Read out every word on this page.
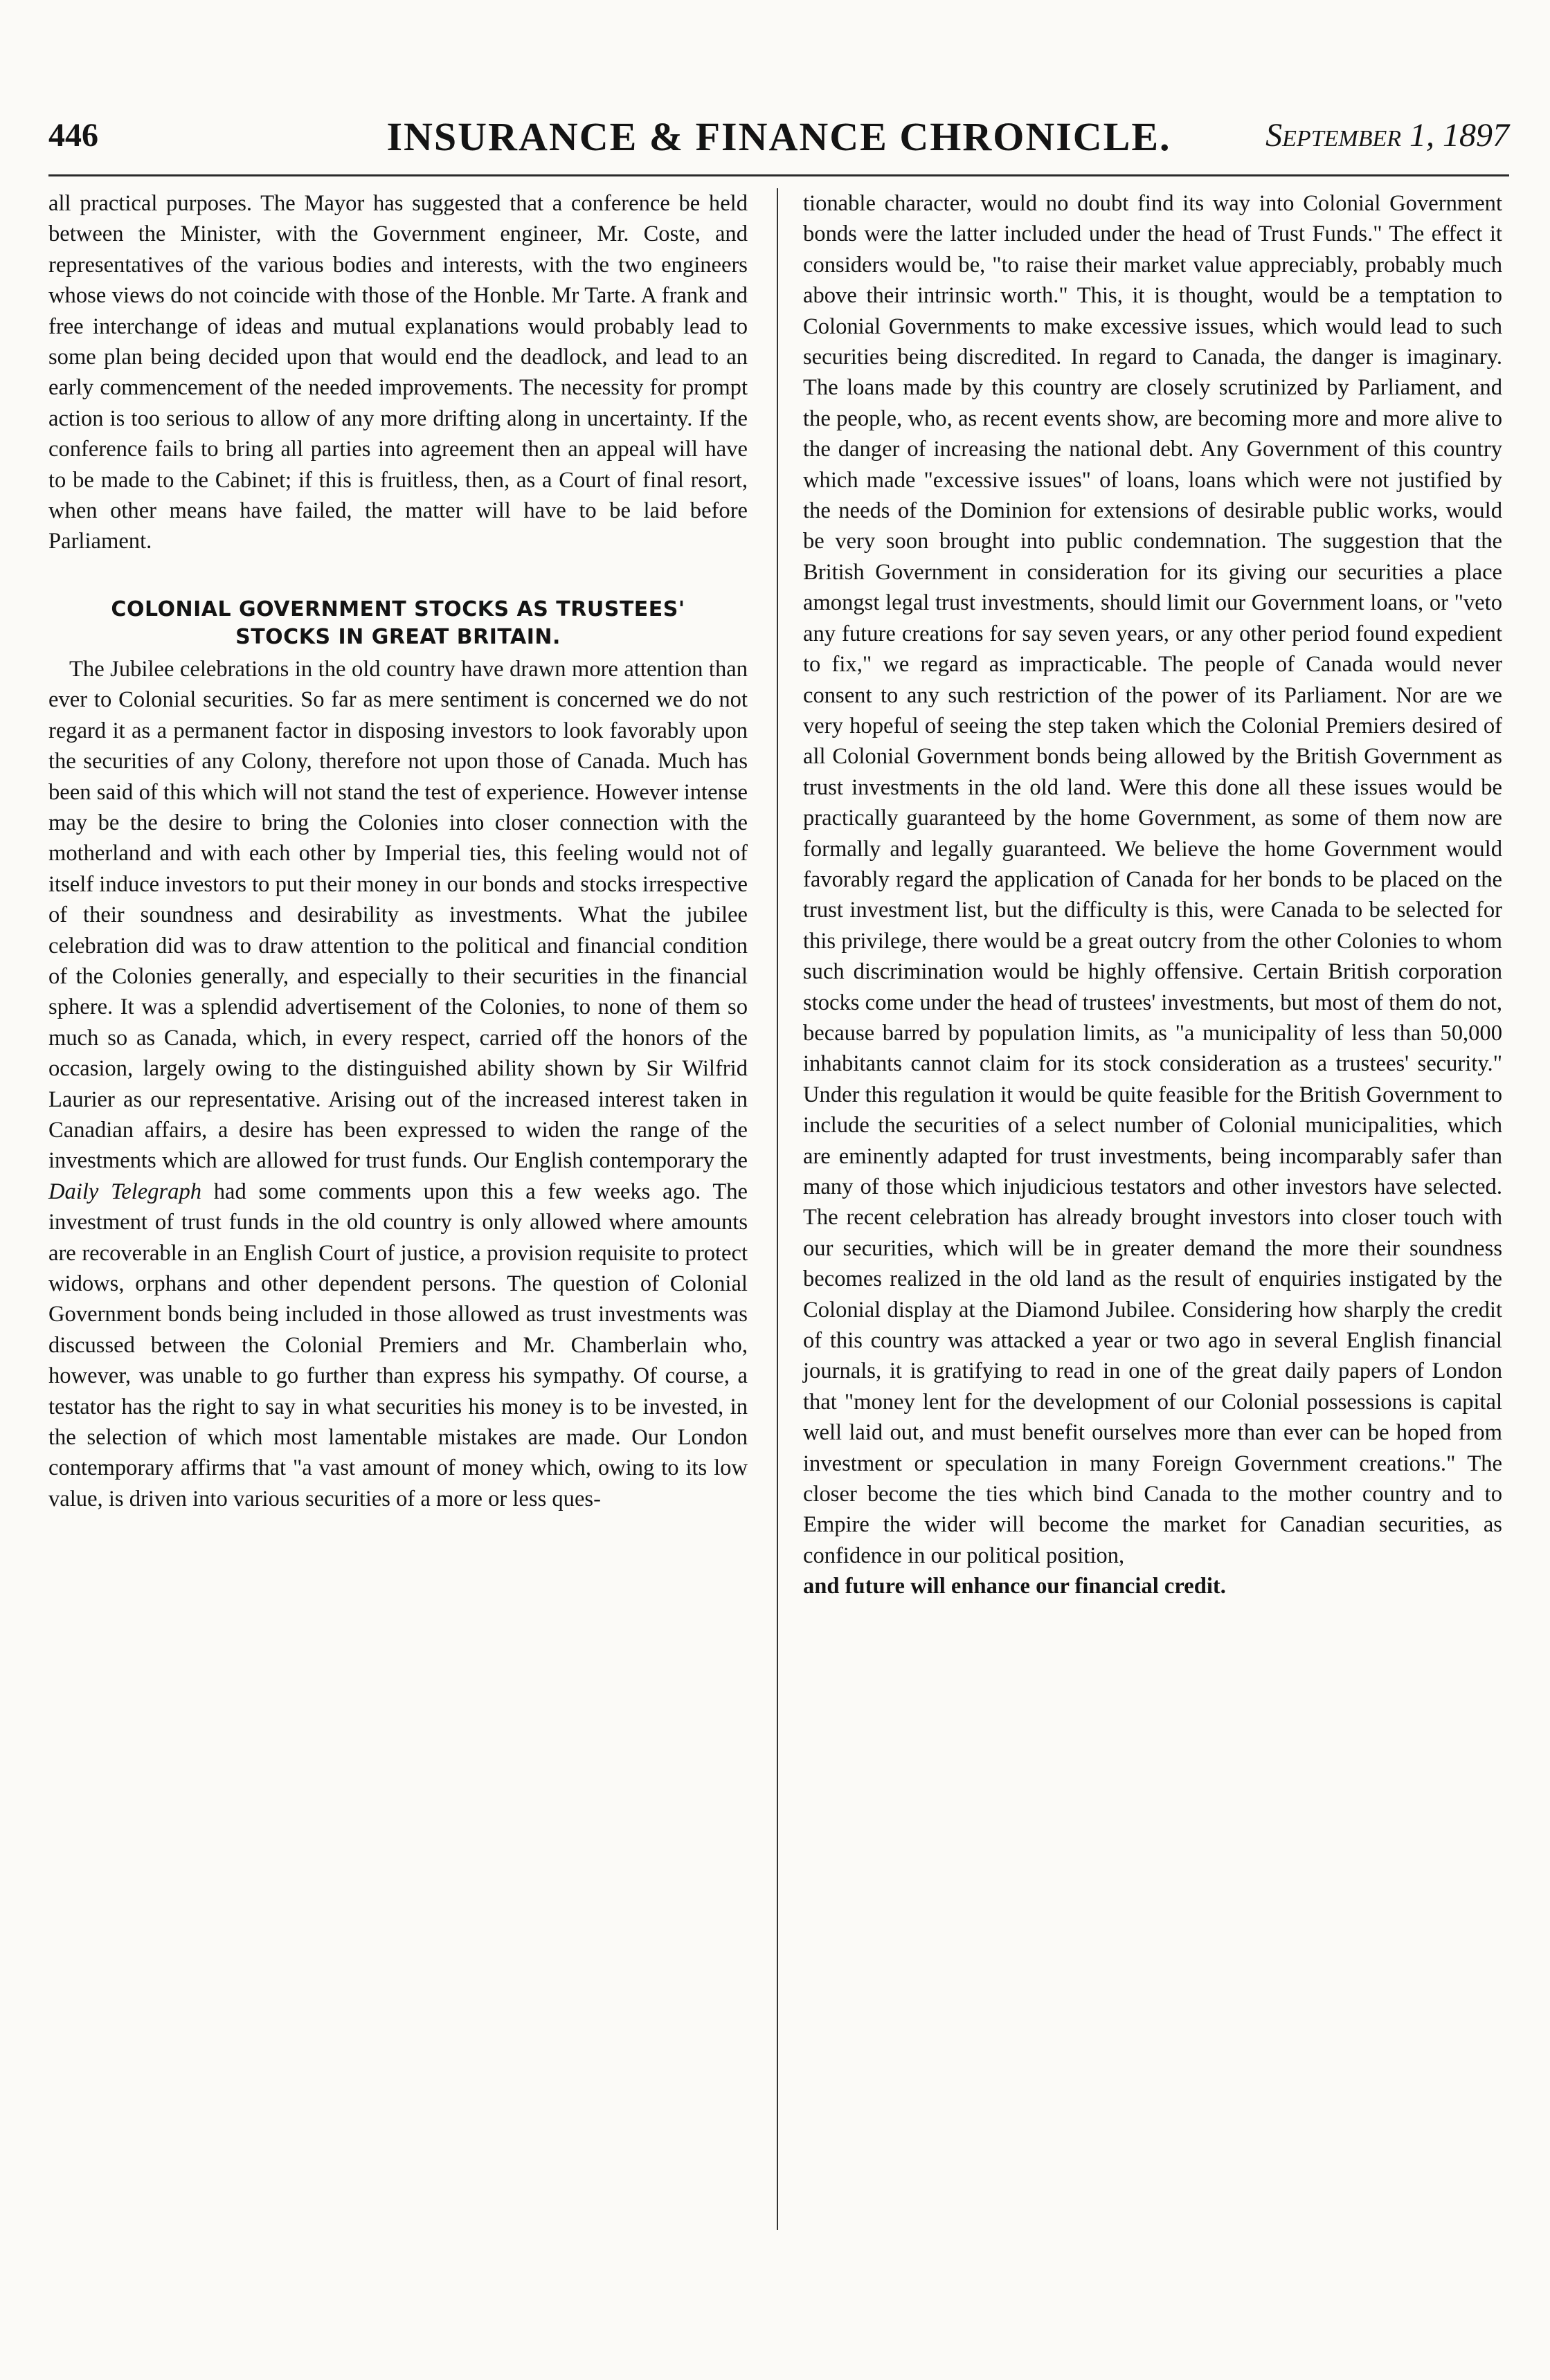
446	INSURANCE & FINANCE CHRONICLE.	September 1, 1897

all practical purposes. The Mayor has suggested that a conference be held between the Minister, with the Government engineer, Mr. Coste, and representatives of the various bodies and interests, with the two engineers whose views do not coincide with those of the Honble. Mr Tarte. A frank and free interchange of ideas and mutual explanations would probably lead to some plan being decided upon that would end the deadlock, and lead to an early commencement of the needed improvements. The necessity for prompt action is too serious to allow of any more drifting along in uncertainty. If the conference fails to bring all parties into agreement then an appeal will have to be made to the Cabinet; if this is fruitless, then, as a Court of final resort, when other means have failed, the matter will have to be laid before Parliament.

COLONIAL GOVERNMENT STOCKS AS TRUSTEES'
STOCKS IN GREAT BRITAIN.

The Jubilee celebrations in the old country have drawn more attention than ever to Colonial securities. So far as mere sentiment is concerned we do not regard it as a permanent factor in disposing investors to look favorably upon the securities of any Colony, therefore not upon those of Canada. Much has been said of this which will not stand the test of experience. However intense may be the desire to bring the Colonies into closer connection with the motherland and with each other by Imperial ties, this feeling would not of itself induce investors to put their money in our bonds and stocks irrespective of their soundness and desirability as investments. What the jubilee celebration did was to draw attention to the political and financial condition of the Colonies generally, and especially to their securities in the financial sphere. It was a splendid advertisement of the Colonies, to none of them so much so as Canada, which, in every respect, carried off the honors of the occasion, largely owing to the distinguished ability shown by Sir Wilfrid Laurier as our representative. Arising out of the increased interest taken in Canadian affairs, a desire has been expressed to widen the range of the investments which are allowed for trust funds. Our English contemporary the Daily Telegraph had some comments upon this a few weeks ago. The investment of trust funds in the old country is only allowed where amounts are recoverable in an English Court of justice, a provision requisite to protect widows, orphans and other dependent persons. The question of Colonial Government bonds being included in those allowed as trust investments was discussed between the Colonial Premiers and Mr. Chamberlain who, however, was unable to go further than express his sympathy. Of course, a testator has the right to say in what securities his money is to be invested, in the selection of which most lamentable mistakes are made. Our London contemporary affirms that "a vast amount of money which, owing to its low value, is driven into various securities of a more or less ques-

tionable character, would no doubt find its way into Colonial Government bonds were the latter included under the head of Trust Funds." The effect it considers would be, "to raise their market value appreciably, probably much above their intrinsic worth." This, it is thought, would be a temptation to Colonial Governments to make excessive issues, which would lead to such securities being discredited. In regard to Canada, the danger is imaginary. The loans made by this country are closely scrutinized by Parliament, and the people, who, as recent events show, are becoming more and more alive to the danger of increasing the national debt. Any Government of this country which made "excessive issues" of loans, loans which were not justified by the needs of the Dominion for extensions of desirable public works, would be very soon brought into public condemnation. The suggestion that the British Government in consideration for its giving our securities a place amongst legal trust investments, should limit our Government loans, or "veto any future creations for say seven years, or any other period found expedient to fix," we regard as impracticable. The people of Canada would never consent to any such restriction of the power of its Parliament. Nor are we very hopeful of seeing the step taken which the Colonial Premiers desired of all Colonial Government bonds being allowed by the British Government as trust investments in the old land. Were this done all these issues would be practically guaranteed by the home Government, as some of them now are formally and legally guaranteed. We believe the home Government would favorably regard the application of Canada for her bonds to be placed on the trust investment list, but the difficulty is this, were Canada to be selected for this privilege, there would be a great outcry from the other Colonies to whom such discrimination would be highly offensive. Certain British corporation stocks come under the head of trustees' investments, but most of them do not, because barred by population limits, as "a municipality of less than 50,000 inhabitants cannot claim for its stock consideration as a trustees' security." Under this regulation it would be quite feasible for the British Government to include the securities of a select number of Colonial municipalities, which are eminently adapted for trust investments, being incomparably safer than many of those which injudicious testators and other investors have selected. The recent celebration has already brought investors into closer touch with our securities, which will be in greater demand the more their soundness becomes realized in the old land as the result of enquiries instigated by the Colonial display at the Diamond Jubilee. Considering how sharply the credit of this country was attacked a year or two ago in several English financial journals, it is gratifying to read in one of the great daily papers of London that "money lent for the development of our Colonial possessions is capital well laid out, and must benefit ourselves more than ever can be hoped from investment or speculation in many Foreign Government creations." The closer become the ties which bind Canada to the mother country and to Empire the wider will become the market for Canadian securities, as confidence in our political position,

and future will enhance our financial credit.
